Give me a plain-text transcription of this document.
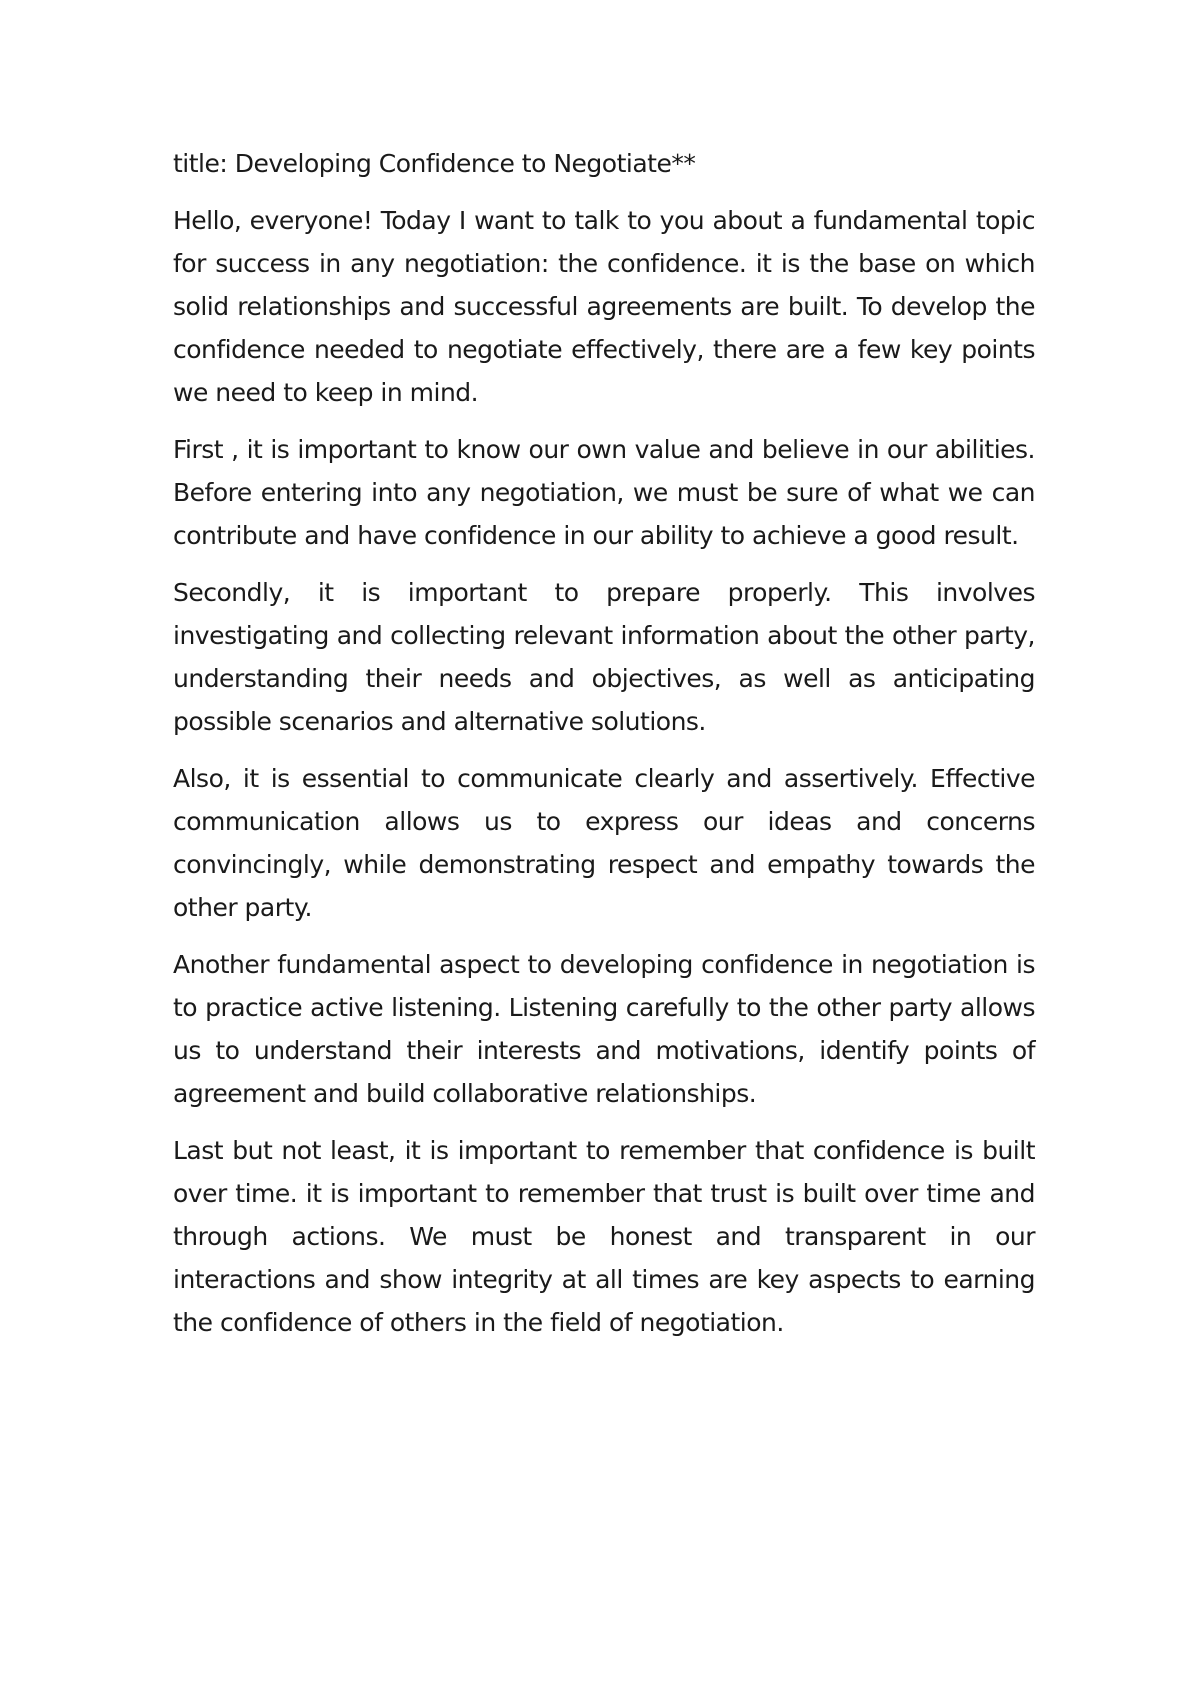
title: Developing Confidence to Negotiate**

Hello, everyone! Today I want to talk to you about a fundamental topic for success in any negotiation: the confidence. it is the base on which solid relationships and successful agreements are built. To develop the confidence needed to negotiate effectively, there are a few key points we need to keep in mind.

First , it is important to know our own value and believe in our abilities. Before entering into any negotiation, we must be sure of what we can contribute and have confidence in our ability to achieve a good result.

Secondly, it is important to prepare properly. This involves investigating and collecting relevant information about the other party, understanding their needs and objectives, as well as anticipating possible scenarios and alternative solutions.

Also, it is essential to communicate clearly and assertively. Effective communication allows us to express our ideas and concerns convincingly, while demonstrating respect and empathy towards the other party.

Another fundamental aspect to developing confidence in negotiation is to practice active listening. Listening carefully to the other party allows us to understand their interests and motivations, identify points of agreement and build collaborative relationships.

Last but not least, it is important to remember that confidence is built over time. it is important to remember that trust is built over time and through actions. We must be honest and transparent in our interactions and show integrity at all times are key aspects to earning the confidence of others in the field of negotiation.
